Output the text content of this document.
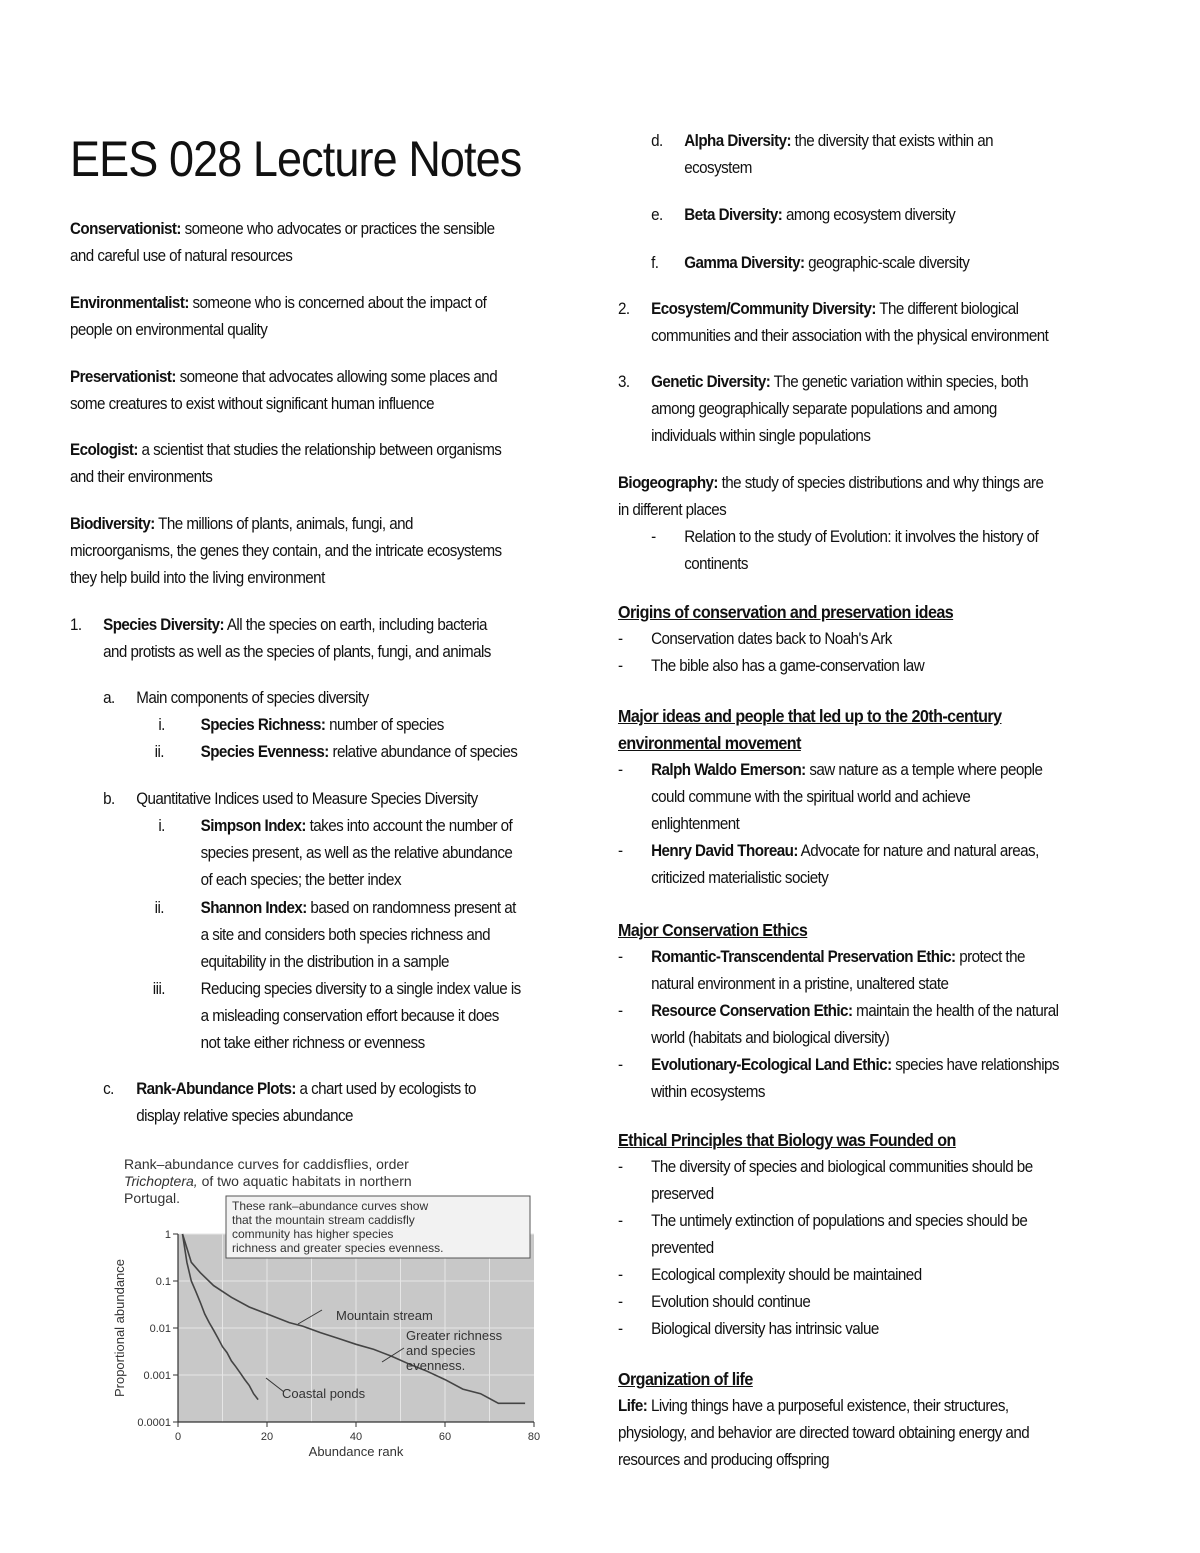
EES 028 Lecture Notes
Conservationist: someone who advocates or practices the sensible
and careful use of natural resources
Environmentalist: someone who is concerned about the impact of
people on environmental quality
Preservationist: someone that advocates allowing some places and
some creatures to exist without significant human influence
Ecologist: a scientist that studies the relationship between organisms
and their environments
Biodiversity: The millions of plants, animals, fungi, and
microorganisms, the genes they contain, and the intricate ecosystems
they help build into the living environment
1. Species Diversity: All the species on earth, including bacteria
and protists as well as the species of plants, fungi, and animals
a.	Main components of species diversity
i.	Species Richness: number of species
ii.	Species Evenness: relative abundance of species
b.	Quantitative Indices used to Measure Species Diversity
i. Simpson Index: takes into account the number of
species present, as well as the relative abundance
of each species; the better index
ii. Shannon Index: based on randomness present at
a site and considers both species richness and
equitability in the distribution in a sample
iii. Reducing species diversity to a single index value is
a misleading conservation effort because it does
not take either richness or evenness
c. Rank-Abundance Plots: a chart used by ecologists to
display relative species abundance
Rank–abundance curves for caddisflies, order
Trichoptera, of two aquatic habitats in northern
Portugal.	These rank–abundance curves show
that the mountain stream caddisfly
community has higher species
richness and greater species evenness.
0	20	40	60	80
0.0001
0.001
0.01
0.1
1
Mountain stream
Greater richness
and species
evenness.
Coastal ponds
Abundance rank
Proportional abundance
d. Alpha Diversity: the diversity that exists within an
ecosystem
e.	Beta Diversity: among ecosystem diversity
f.	Gamma Diversity: geographic-scale diversity
2. Ecosystem/Community Diversity: The different biological
communities and their association with the physical environment
3. Genetic Diversity: The genetic variation within species, both
among geographically separate populations and among
individuals within single populations
Biogeography: the study of species distributions and why things are
in different places
- Relation to the study of Evolution: it involves the history of
continents
Origins of conservation and preservation ideas
- Conservation dates back to Noah's Ark
- The bible also has a game-conservation law
Major ideas and people that led up to the 20th-century
environmental movement
- Ralph Waldo Emerson: saw nature as a temple where people
could commune with the spiritual world and achieve
enlightenment
- Henry David Thoreau: Advocate for nature and natural areas,
criticized materialistic society
Major Conservation Ethics
- Romantic-Transcendental Preservation Ethic: protect the
natural environment in a pristine, unaltered state
- Resource Conservation Ethic: maintain the health of the natural
world (habitats and biological diversity)
- Evolutionary-Ecological Land Ethic: species have relationships
within ecosystems
Ethical Principles that Biology was Founded on
- The diversity of species and biological communities should be
preserved
- The untimely extinction of populations and species should be
prevented
- Ecological complexity should be maintained
- Evolution should continue
- Biological diversity has intrinsic value
Organization of life
Life: Living things have a purposeful existence, their structures,
physiology, and behavior are directed toward obtaining energy and
resources and producing offspring
